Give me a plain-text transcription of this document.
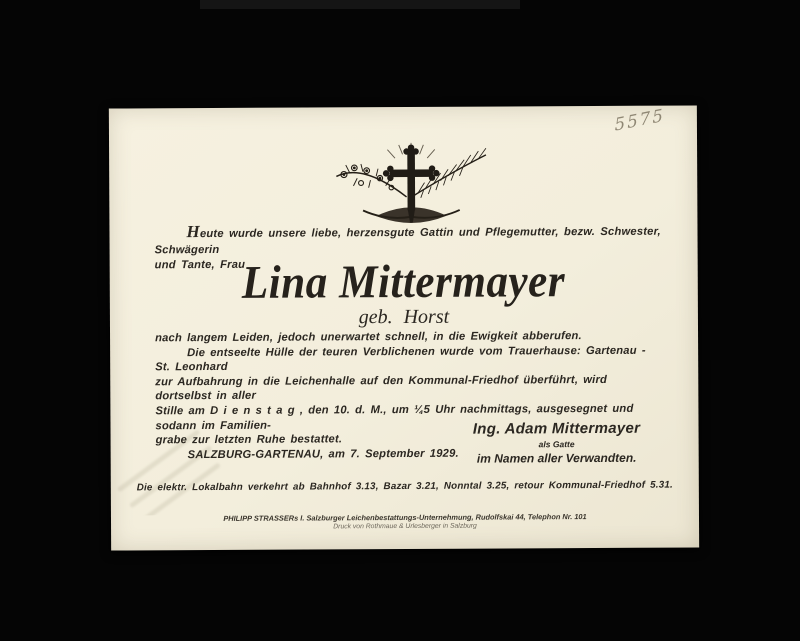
5575
Heute wurde unsere liebe, herzensgute Gattin und Pflegemutter, bezw. Schwester, Schwägerin
und Tante, Frau
Lina Mittermayer
geb. Horst
nach langem Leiden, jedoch unerwartet schnell, in die Ewigkeit abberufen.
Die entseelte Hülle der teuren Verblichenen wurde vom Trauerhause: Gartenau - St. Leonhard
zur Aufbahrung in die Leichenhalle auf den Kommunal-Friedhof überführt, wird dortselbst in aller
Stille am D i e n s t a g , den 10. d. M., um ¼5 Uhr nachmittags, ausgesegnet und sodann im Familien-
grabe zur letzten Ruhe bestattet.
SALZBURG-GARTENAU, am 7. September 1929.
Ing. Adam Mittermayer
als Gatte
im Namen aller Verwandten.
Die elektr. Lokalbahn verkehrt ab Bahnhof 3.13, Bazar 3.21, Nonntal 3.25, retour Kommunal-Friedhof 5.31.
PHILIPP STRASSERs I. Salzburger Leichenbestattungs-Unternehmung, Rudolfskai 44, Telephon Nr. 101
Druck von Rothmaue & Urlesberger in Salzburg
